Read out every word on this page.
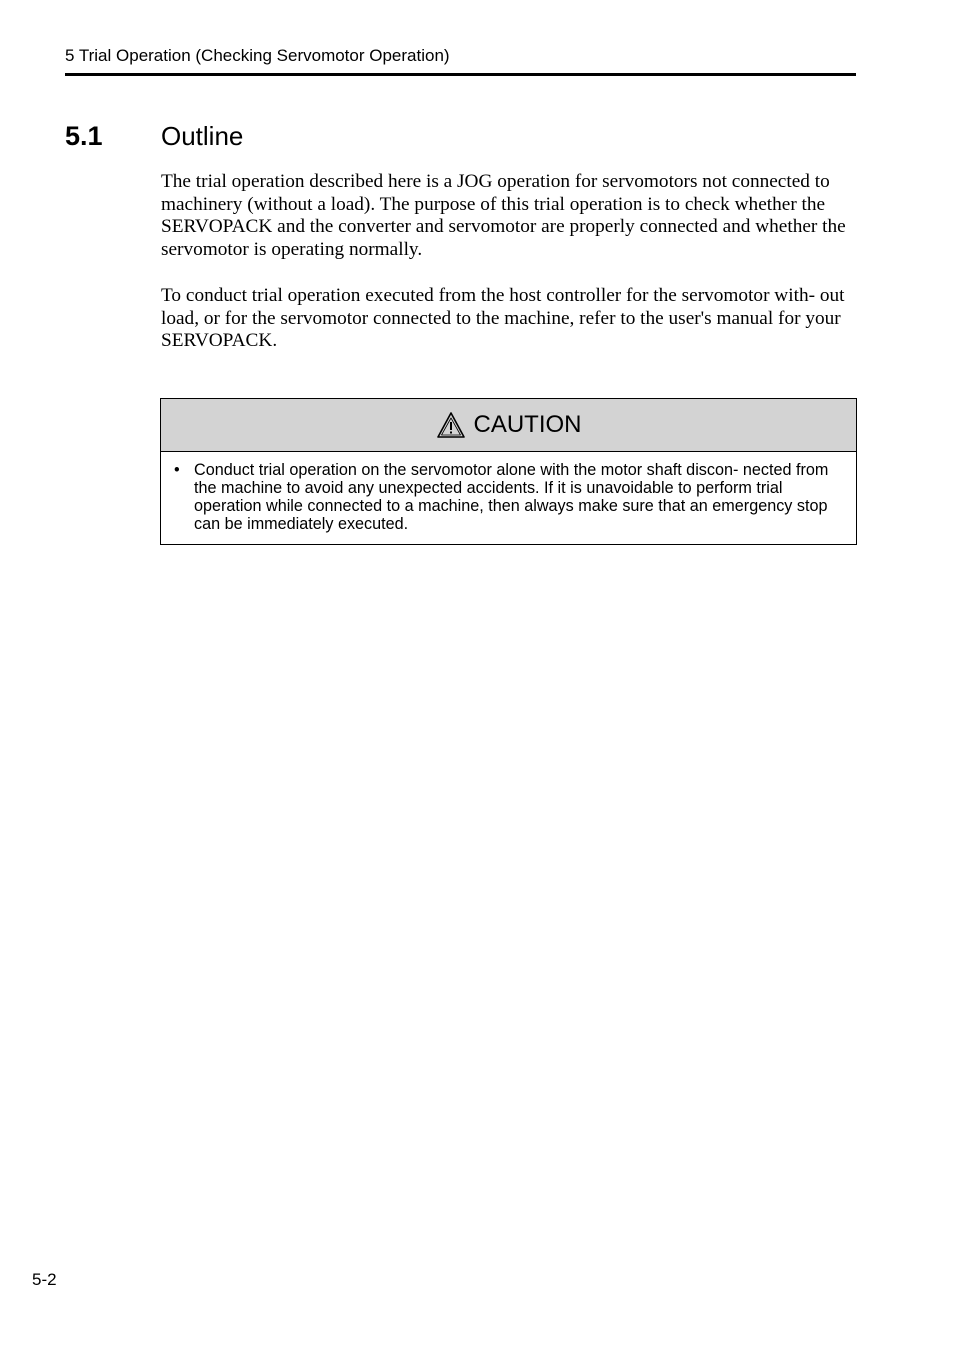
5 Trial Operation (Checking Servomotor Operation)
5.1 Outline

The trial operation described here is a JOG operation for servomotors not connected to machinery (without a load). The purpose of this trial operation is to check whether the SERVOPACK and the converter and servomotor are properly connected and whether the servomotor is operating normally.

To conduct trial operation executed from the host controller for the servomotor with- out load, or for the servomotor connected to the machine, refer to the user's manual for your SERVOPACK.

CAUTION
• Conduct trial operation on the servomotor alone with the motor shaft discon- nected from the machine to avoid any unexpected accidents. If it is unavoidable to perform trial operation while connected to a machine, then always make sure that an emergency stop can be immediately executed.
5-2
